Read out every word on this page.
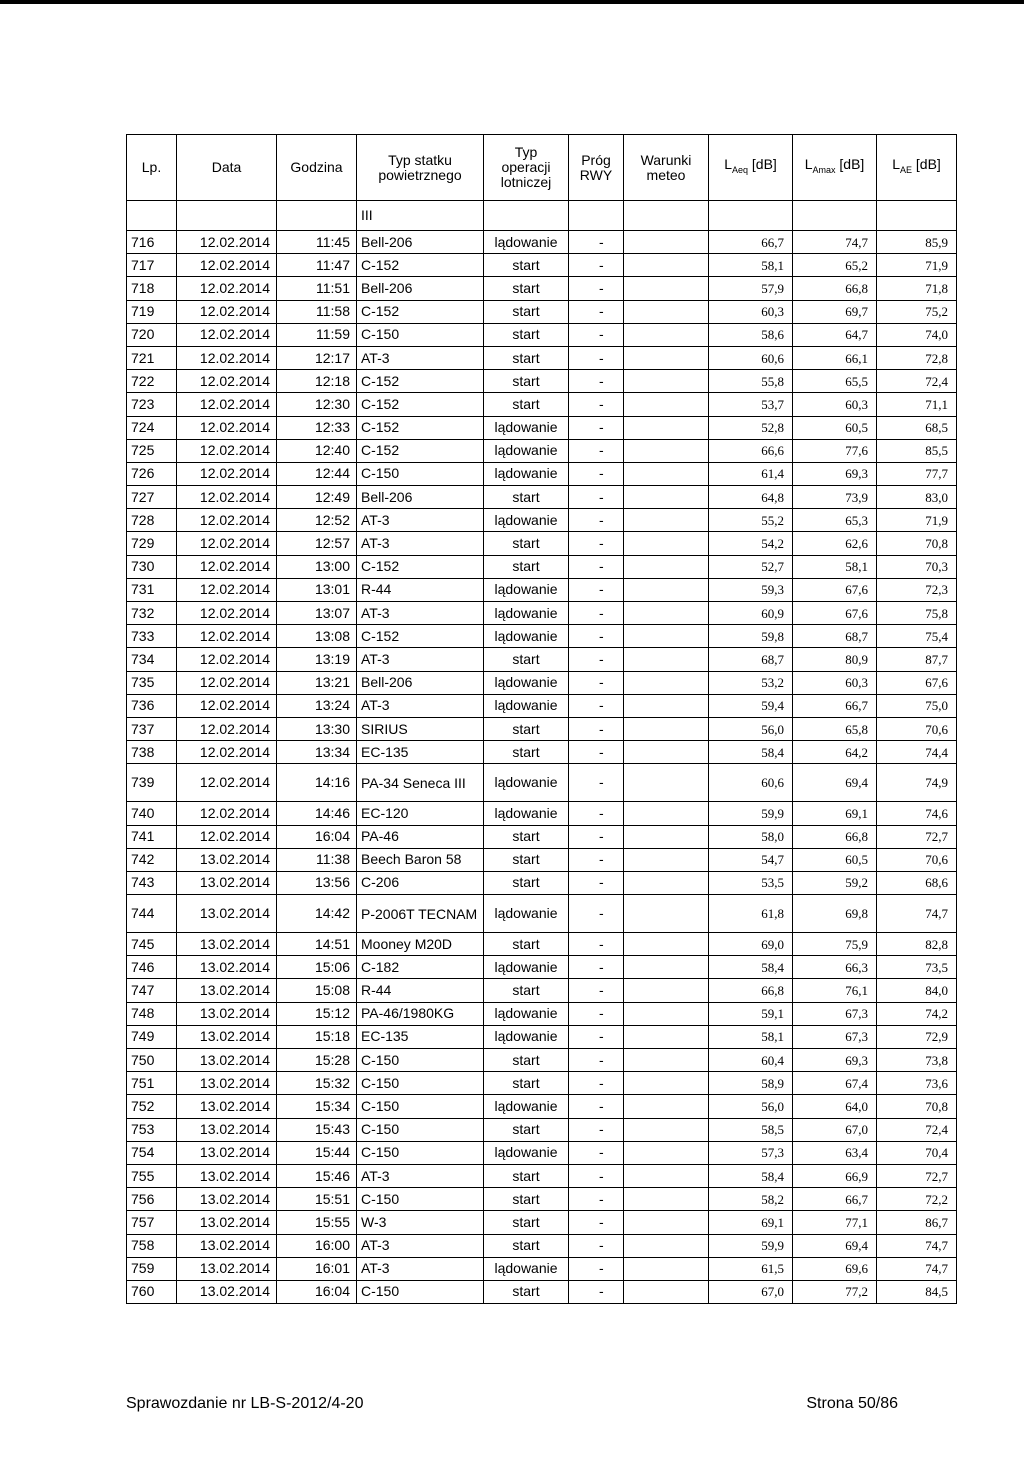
Lp.	Data	Godzina	Typ statku
powietrznego	Typ
operacji
lotniczej	Próg
RWY	Warunki
meteo	$L_{Aeq}$ [dB]	$L_{Amax}$ [dB]	$L_{AE}$ [dB]
			III						
716	12.02.2014	11:45	Bell-206	lądowanie	-		66,7	74,7	85,9
717	12.02.2014	11:47	C-152	start	-		58,1	65,2	71,9
718	12.02.2014	11:51	Bell-206	start	-		57,9	66,8	71,8
719	12.02.2014	11:58	C-152	start	-		60,3	69,7	75,2
720	12.02.2014	11:59	C-150	start	-		58,6	64,7	74,0
721	12.02.2014	12:17	AT-3	start	-		60,6	66,1	72,8
722	12.02.2014	12:18	C-152	start	-		55,8	65,5	72,4
723	12.02.2014	12:30	C-152	start	-		53,7	60,3	71,1
724	12.02.2014	12:33	C-152	lądowanie	-		52,8	60,5	68,5
725	12.02.2014	12:40	C-152	lądowanie	-		66,6	77,6	85,5
726	12.02.2014	12:44	C-150	lądowanie	-		61,4	69,3	77,7
727	12.02.2014	12:49	Bell-206	start	-		64,8	73,9	83,0
728	12.02.2014	12:52	AT-3	lądowanie	-		55,2	65,3	71,9
729	12.02.2014	12:57	AT-3	start	-		54,2	62,6	70,8
730	12.02.2014	13:00	C-152	start	-		52,7	58,1	70,3
731	12.02.2014	13:01	R-44	lądowanie	-		59,3	67,6	72,3
732	12.02.2014	13:07	AT-3	lądowanie	-		60,9	67,6	75,8
733	12.02.2014	13:08	C-152	lądowanie	-		59,8	68,7	75,4
734	12.02.2014	13:19	AT-3	start	-		68,7	80,9	87,7
735	12.02.2014	13:21	Bell-206	lądowanie	-		53,2	60,3	67,6
736	12.02.2014	13:24	AT-3	lądowanie	-		59,4	66,7	75,0
737	12.02.2014	13:30	SIRIUS	start	-		56,0	65,8	70,6
738	12.02.2014	13:34	EC-135	start	-		58,4	64,2	74,4
739	12.02.2014	14:16	PA-34 Seneca III	lądowanie	-		60,6	69,4	74,9
740	12.02.2014	14:46	EC-120	lądowanie	-		59,9	69,1	74,6
741	12.02.2014	16:04	PA-46	start	-		58,0	66,8	72,7
742	13.02.2014	11:38	Beech Baron 58	start	-		54,7	60,5	70,6
743	13.02.2014	13:56	C-206	start	-		53,5	59,2	68,6
744	13.02.2014	14:42	P-2006T TECNAM	lądowanie	-		61,8	69,8	74,7
745	13.02.2014	14:51	Mooney M20D	start	-		69,0	75,9	82,8
746	13.02.2014	15:06	C-182	lądowanie	-		58,4	66,3	73,5
747	13.02.2014	15:08	R-44	start	-		66,8	76,1	84,0
748	13.02.2014	15:12	PA-46/1980KG	lądowanie	-		59,1	67,3	74,2
749	13.02.2014	15:18	EC-135	lądowanie	-		58,1	67,3	72,9
750	13.02.2014	15:28	C-150	start	-		60,4	69,3	73,8
751	13.02.2014	15:32	C-150	start	-		58,9	67,4	73,6
752	13.02.2014	15:34	C-150	lądowanie	-		56,0	64,0	70,8
753	13.02.2014	15:43	C-150	start	-		58,5	67,0	72,4
754	13.02.2014	15:44	C-150	lądowanie	-		57,3	63,4	70,4
755	13.02.2014	15:46	AT-3	start	-		58,4	66,9	72,7
756	13.02.2014	15:51	C-150	start	-		58,2	66,7	72,2
757	13.02.2014	15:55	W-3	start	-		69,1	77,1	86,7
758	13.02.2014	16:00	AT-3	start	-		59,9	69,4	74,7
759	13.02.2014	16:01	AT-3	lądowanie	-		61,5	69,6	74,7
760	13.02.2014	16:04	C-150	start	-		67,0	77,2	84,5
Sprawozdanie nr LB-S-2012/4-20	Strona 50/86
